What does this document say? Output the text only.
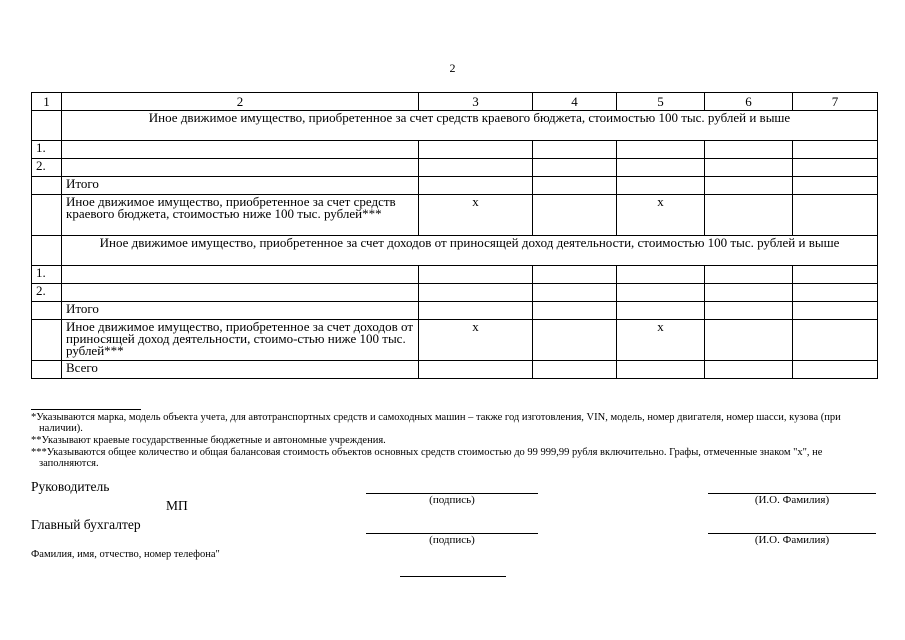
2
1	2	3	4	5	6	7
	Иное движимое имущество, приобретенное за счет средств краевого бюджета, стоимостью 100 тыс. рублей и выше					
1.						
2.						
	Итого					
	Иное движимое имущество, приобретенное за счет средств краевого бюджета, стоимостью ниже 100 тыс. рублей***	х		х		
	Иное движимое имущество, приобретенное за счет доходов от приносящей доход деятельности, стоимостью 100 тыс. рублей и выше					
1.						
2.						
	Итого					
	Иное движимое имущество, приобретенное за счет доходов от приносящей доход деятельности, стоимо-стью ниже 100 тыс. рублей***	х		х		
	Всего					
*Указываются марка, модель объекта учета, для автотранспортных средств и самоходных машин – также год изготовления, VIN, модель, номер двигателя, номер шасси, кузова (при наличии).
**Указывают краевые государственные бюджетные и автономные учреждения.
***Указываются общее количество и общая балансовая стоимость объектов основных средств стоимостью до 99 999,99 рубля включительно. Графы, отмеченные знаком "х", не заполняются.
Руководитель
(подпись)	(И.О. Фамилия)
МП
Главный бухгалтер
(подпись)	(И.О. Фамилия)
Фамилия, имя, отчество, номер телефона"
